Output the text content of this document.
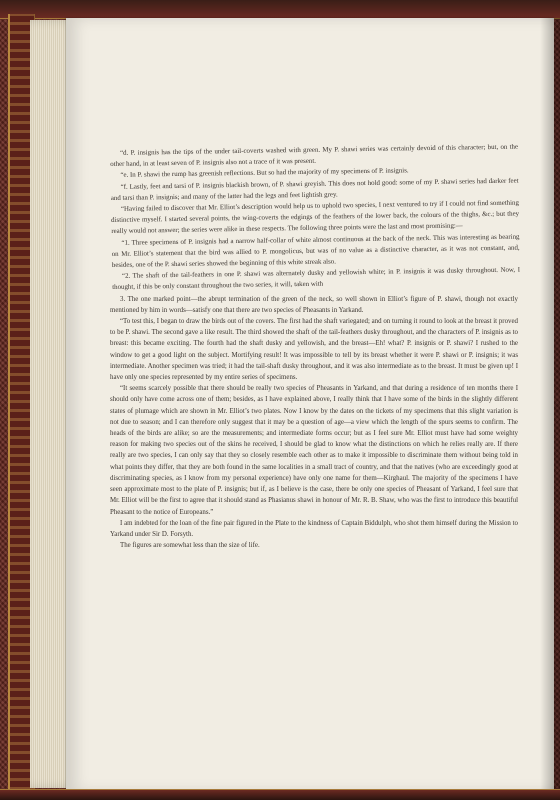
“d. P. insignis has the tips of the under tail-coverts washed with green. My P. shawi series was certainly devoid of this character; but, on the other hand, in at least seven of P. insignis also not a trace of it was present.

“e. In P. shawi the rump has greenish reflections. But so had the majority of my specimens of P. insignis.

“f. Lastly, feet and tarsi of P. insignis blackish brown, of P. shawi greyish. This does not hold good: some of my P. shawi series had darker feet and tarsi than P. insignis; and many of the latter had the legs and feet lightish grey.

“Having failed to discover that Mr. Elliot’s description would help us to uphold two species, I next ventured to try if I could not find something distinctive myself. I started several points, the wing-coverts the edgings of the feathers of the lower back, the colours of the thighs, &c.; but they really would not answer; the series were alike in these respects. The following three points were the last and most promising:—

“1. Three specimens of P. insignis had a narrow half-collar of white almost continuous at the back of the neck. This was interesting as bearing on Mr. Elliot’s statement that the bird was allied to P. mongolicus, but was of no value as a distinctive character, as it was not constant, and, besides, one of the P. shawi series showed the beginning of this white streak also.

“2. The shaft of the tail-feathers in one P. shawi was alternately dusky and yellowish white; in P. insignis it was dusky throughout. Now, I thought, if this be only constant throughout the two series, it will, taken with

3. The one marked point—the abrupt termination of the green of the neck, so well shown in Elliot’s figure of P. shawi, though not exactly mentioned by him in words—satisfy one that there are two species of Pheasants in Yarkand.

“To test this, I began to draw the birds out of the covers. The first had the shaft variegated; and on turning it round to look at the breast it proved to be P. shawi. The second gave a like result. The third showed the shaft of the tail-feathers dusky throughout, and the characters of P. insignis as to breast: this became exciting. The fourth had the shaft dusky and yellowish, and the breast—Eh! what? P. insignis or P. shawi? I rushed to the window to get a good light on the subject. Mortifying result! It was impossible to tell by its breast whether it were P. shawi or P. insignis; it was intermediate. Another specimen was tried; it had the tail-shaft dusky throughout, and it was also intermediate as to the breast. It must be given up! I have only one species represented by my entire series of specimens.

“It seems scarcely possible that there should be really two species of Pheasants in Yarkand, and that during a residence of ten months there I should only have come across one of them; besides, as I have explained above, I really think that I have some of the birds in the slightly different states of plumage which are shown in Mr. Elliot’s two plates. Now I know by the dates on the tickets of my specimens that this slight variation is not due to season; and I can therefore only suggest that it may be a question of age—a view which the length of the spurs seems to confirm. The heads of the birds are alike; so are the measurements; and intermediate forms occur; but as I feel sure Mr. Elliot must have had some weighty reason for making two species out of the skins he received, I should be glad to know what the distinctions on which he relies really are. If there really are two species, I can only say that they so closely resemble each other as to make it impossible to discriminate them without being told in what points they differ, that they are both found in the same localities in a small tract of country, and that the natives (who are exceedingly good at discriminating species, as I know from my personal experience) have only one name for them—Kirghaul. The majority of the specimens I have seen approximate most to the plate of P. insignis; but if, as I believe is the case, there be only one species of Pheasant of Yarkand, I feel sure that Mr. Elliot will be the first to agree that it should stand as Phasianus shawi in honour of Mr. R. B. Shaw, who was the first to introduce this beautiful Pheasant to the notice of Europeans.”

I am indebted for the loan of the fine pair figured in the Plate to the kindness of Captain Biddulph, who shot them himself during the Mission to Yarkand under Sir D. Forsyth.

The figures are somewhat less than the size of life.
